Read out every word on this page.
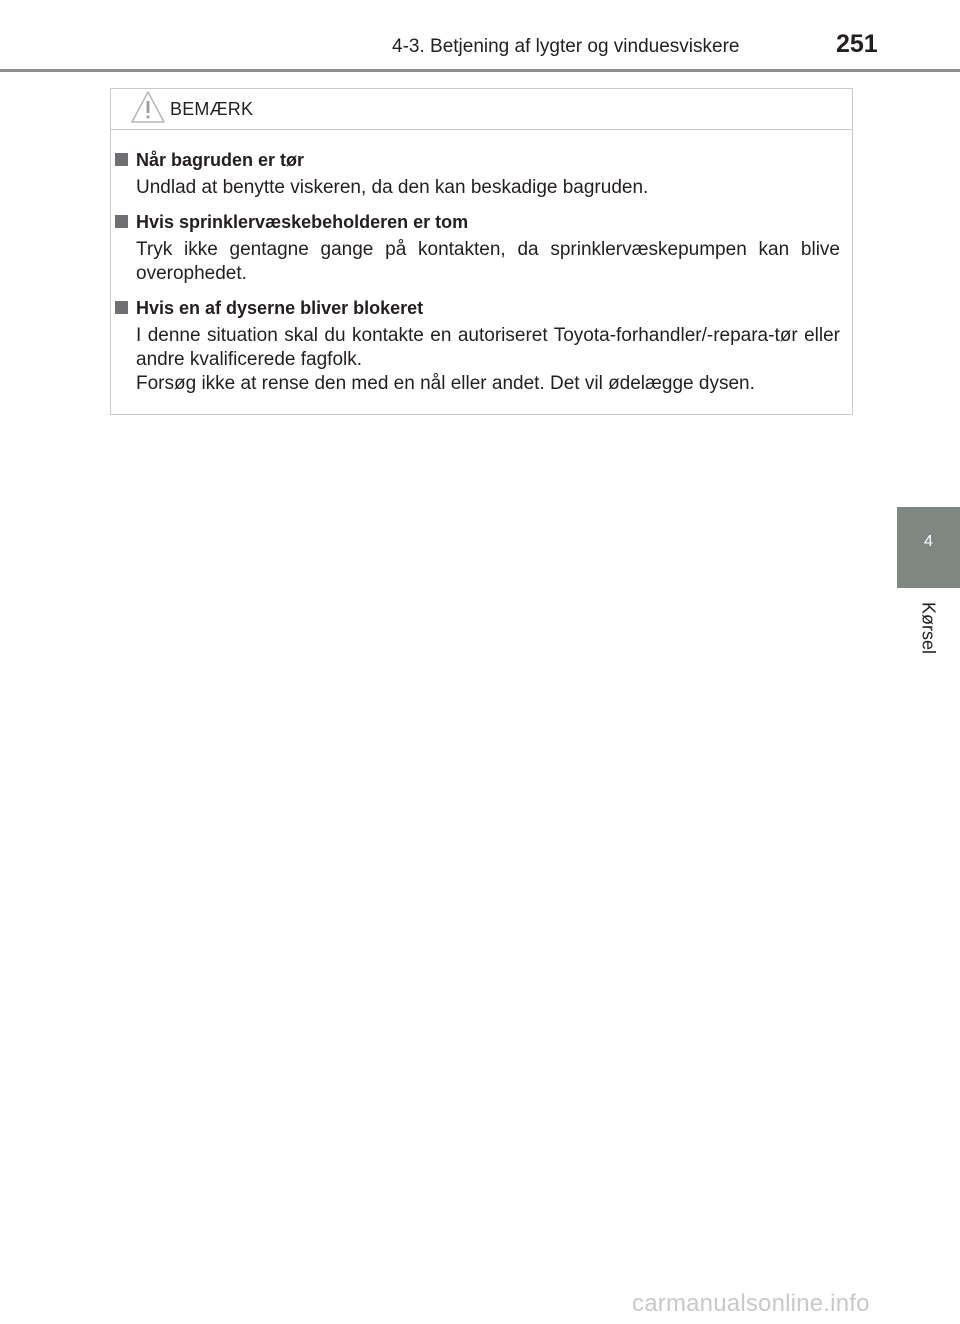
4-3. Betjening af lygter og vinduesviskere	251
4
Kørsel
BEMÆRK
Når bagruden er tør
Undlad at benytte viskeren, da den kan beskadige bagruden.
Hvis sprinklervæskebeholderen er tom
Tryk ikke gentagne gange på kontakten, da sprinklervæskepumpen kan blive overophedet.
Hvis en af dyserne bliver blokeret
I denne situation skal du kontakte en autoriseret Toyota-forhandler/-repara-tør eller andre kvalificerede fagfolk.
Forsøg ikke at rense den med en nål eller andet. Det vil ødelægge dysen.
carmanualsonline.info
